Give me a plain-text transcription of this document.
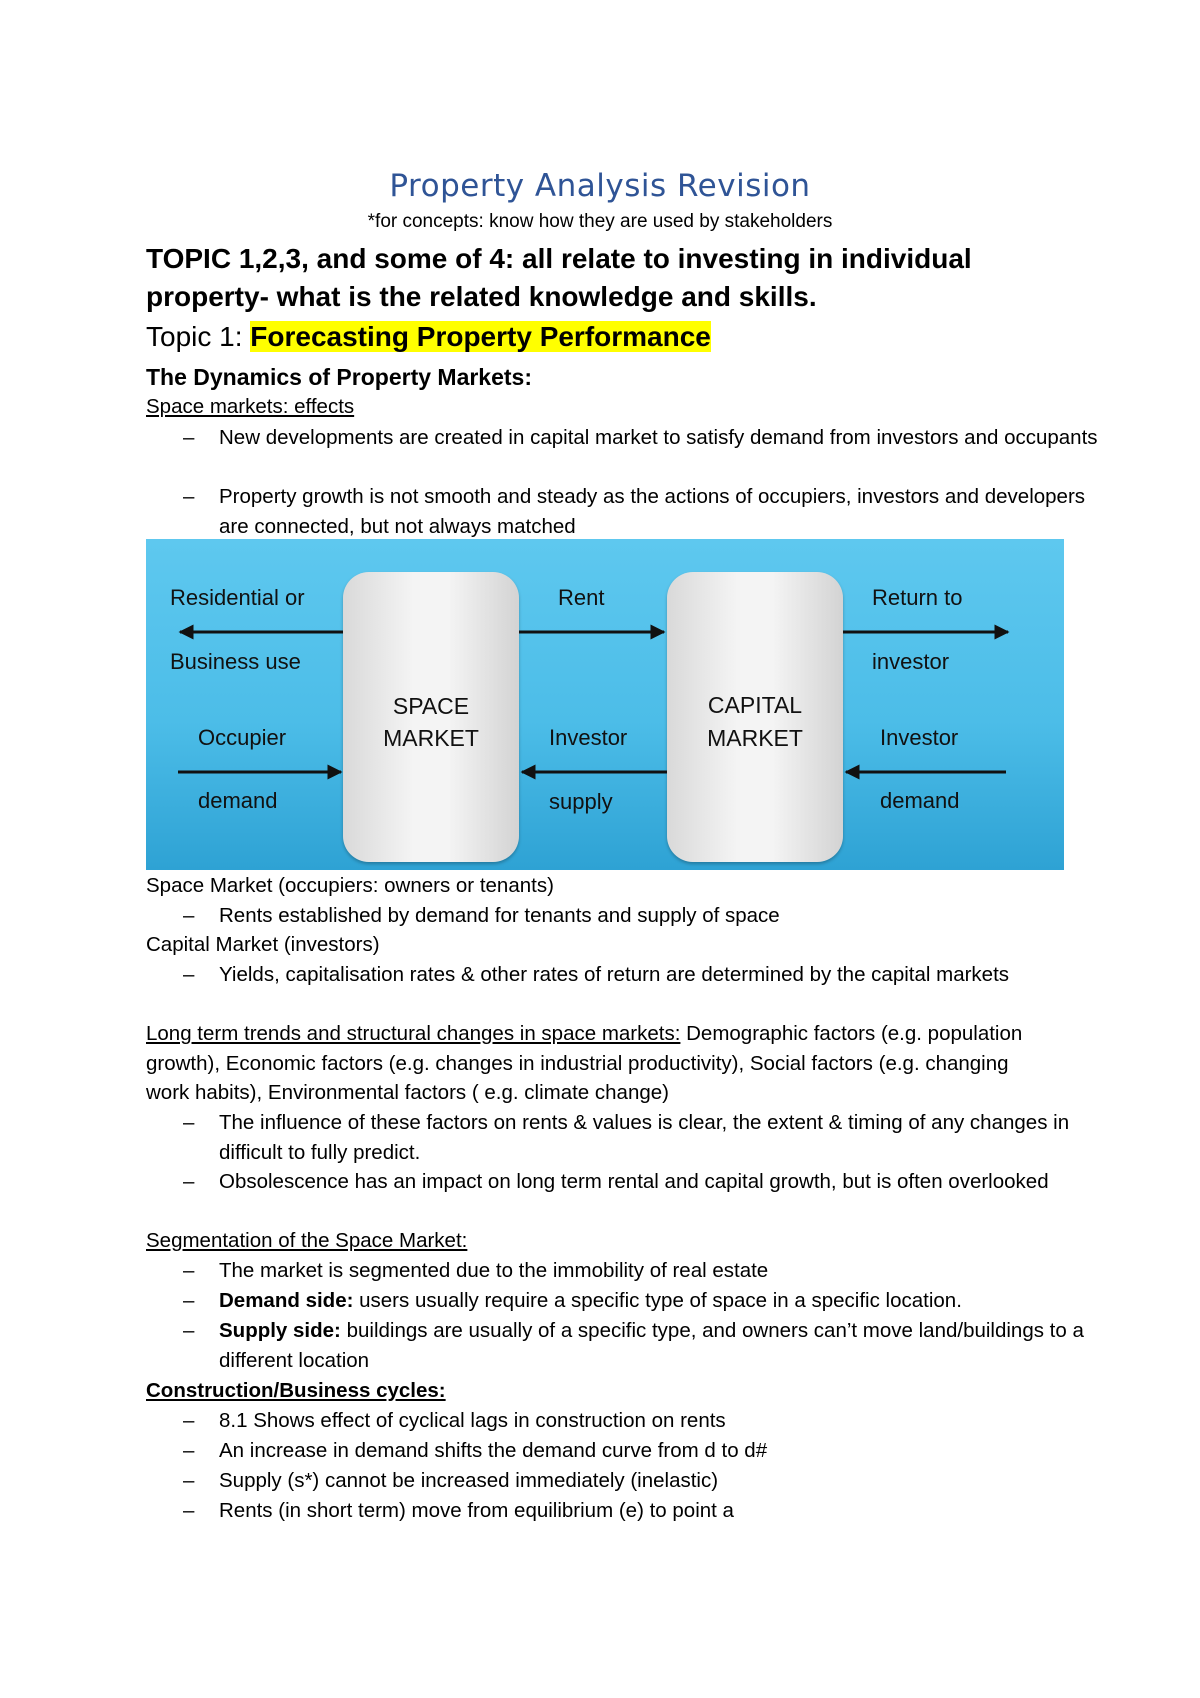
Property Analysis Revision
*for concepts: know how they are used by stakeholders
TOPIC 1,2,3, and some of 4: all relate to investing in individual property- what is the related knowledge and skills.
Topic 1: Forecasting Property Performance
The Dynamics of Property Markets:
Space markets: effects
– New developments are created in capital market to satisfy demand from investors and occupants
– Property growth is not smooth and steady as the actions of occupiers, investors and developers are connected, but not always matched
SPACE
MARKET
CAPITAL
MARKET
Residential or
Business use
Occupier
demand
Rent
Investor
supply
Return to
investor
Investor
demand
Space Market (occupiers: owners or tenants)
– Rents established by demand for tenants and supply of space
Capital Market (investors)
– Yields, capitalisation rates & other rates of return are determined by the capital markets
Long term trends and structural changes in space markets: Demographic factors (e.g. population growth), Economic factors (e.g. changes in industrial productivity), Social factors (e.g. changing work habits), Environmental factors ( e.g. climate change)
– The influence of these factors on rents & values is clear, the extent & timing of any changes in difficult to fully predict.
– Obsolescence has an impact on long term rental and capital growth, but is often overlooked
Segmentation of the Space Market:
– The market is segmented due to the immobility of real estate
– Demand side: users usually require a specific type of space in a specific location.
– Supply side: buildings are usually of a specific type, and owners can’t move land/buildings to a different location
Construction/Business cycles:
– 8.1 Shows effect of cyclical lags in construction on rents
– An increase in demand shifts the demand curve from d to d#
– Supply (s*) cannot be increased immediately (inelastic)
– Rents (in short term) move from equilibrium (e) to point a
